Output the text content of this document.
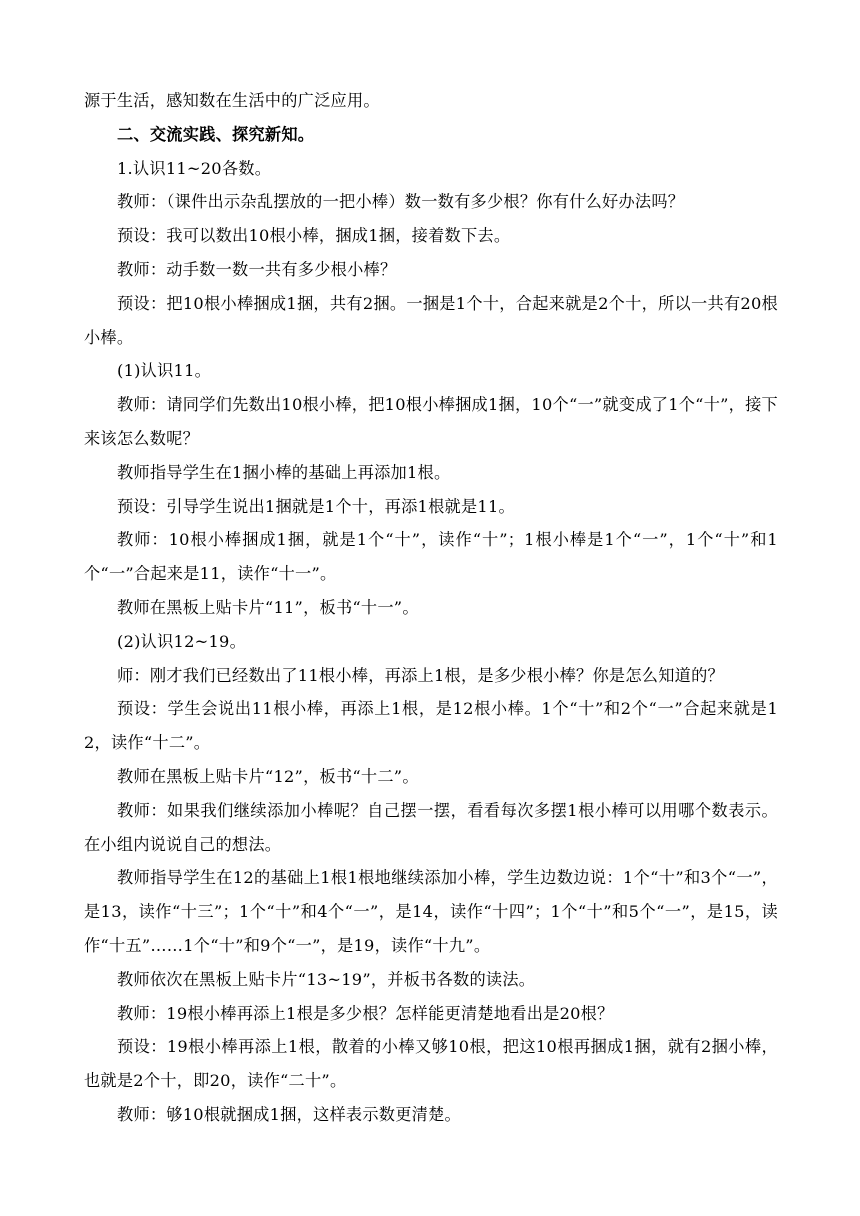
源于生活，感知数在生活中的广泛应用。

二、交流实践、探究新知。

1.认识11~20各数。

教师：（课件出示杂乱摆放的一把小棒）数一数有多少根？你有什么好办法吗？

预设：我可以数出10根小棒，捆成1捆，接着数下去。

教师：动手数一数一共有多少根小棒？

预设：把10根小棒捆成1捆，共有2捆。一捆是1个十，合起来就是2个十，所以一共有20根小棒。

(1)认识11。

教师：请同学们先数出10根小棒，把10根小棒捆成1捆，10个“一”就变成了1个“十”，接下来该怎么数呢？

教师指导学生在1捆小棒的基础上再添加1根。

预设：引导学生说出1捆就是1个十，再添1根就是11。

教师：10根小棒捆成1捆，就是1个“十”，读作“十”；1根小棒是1个“一”，1个“十”和1个“一”合起来是11，读作“十一”。

教师在黑板上贴卡片“11”，板书“十一”。

(2)认识12~19。

师：刚才我们已经数出了11根小棒，再添上1根，是多少根小棒？你是怎么知道的？

预设：学生会说出11根小棒，再添上1根，是12根小棒。1个“十”和2个“一”合起来就是12，读作“十二”。

教师在黑板上贴卡片“12”，板书“十二”。

教师：如果我们继续添加小棒呢？自己摆一摆，看看每次多摆1根小棒可以用哪个数表示。在小组内说说自己的想法。

教师指导学生在12的基础上1根1根地继续添加小棒，学生边数边说：1个“十”和3个“一”，是13，读作“十三”；1个“十”和4个“一”，是14，读作“十四”；1个“十”和5个“一”，是15，读作“十五”……1个“十”和9个“一”，是19，读作“十九”。

教师依次在黑板上贴卡片“13~19”，并板书各数的读法。

教师：19根小棒再添上1根是多少根？怎样能更清楚地看出是20根？

预设：19根小棒再添上1根，散着的小棒又够10根，把这10根再捆成1捆，就有2捆小棒，也就是2个十，即20，读作“二十”。

教师：够10根就捆成1捆，这样表示数更清楚。
